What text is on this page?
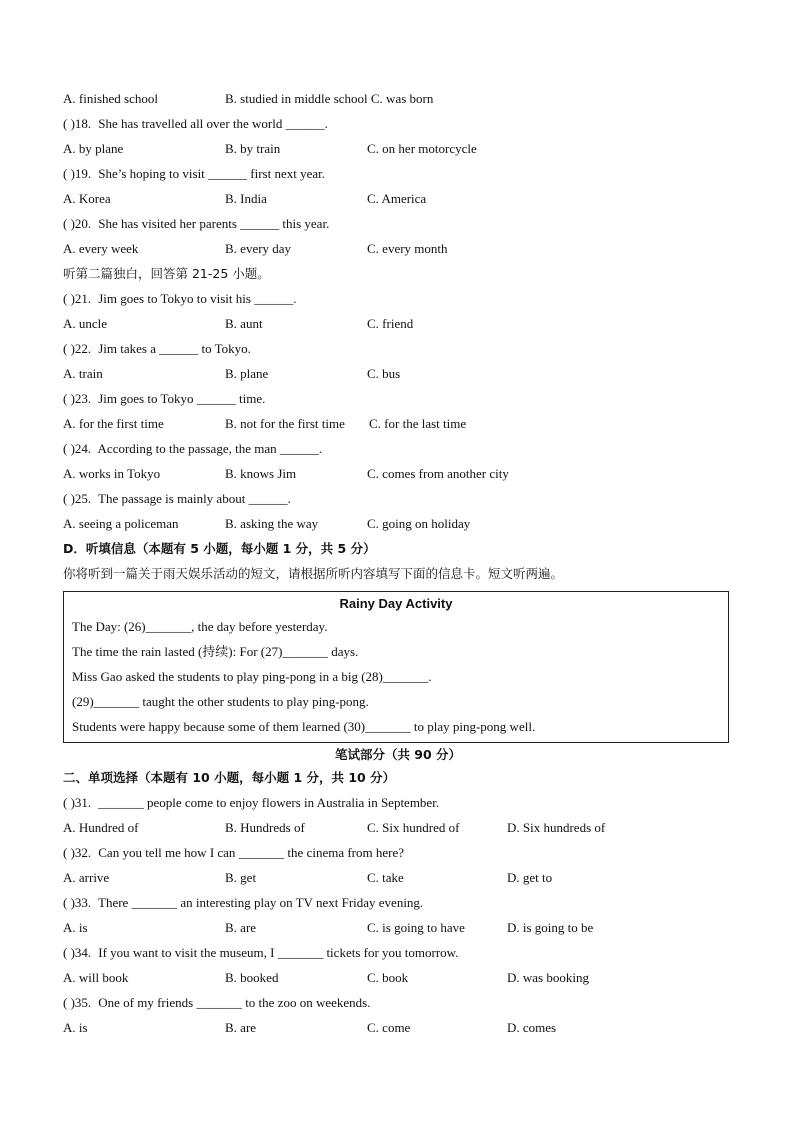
A. finished school	B. studied in middle school C. was born
( )18. She has travelled all over the world ______.
A. by plane	B. by train	C. on her motorcycle
( )19. She’s hoping to visit ______ first next year.
A. Korea	B. India	C. America
( )20. She has visited her parents ______ this year.
A. every week	B. every day	C. every month
听第二篇独白，回答第 21-25 小题。
( )21. Jim goes to Tokyo to visit his ______.
A. uncle	B. aunt	C. friend
( )22. Jim takes a ______ to Tokyo.
A. train	B. plane	C. bus
( )23. Jim goes to Tokyo ______ time.
A. for the first time	B. not for the first time	C. for the last time
( )24. According to the passage, the man ______.
A. works in Tokyo	B. knows Jim	C. comes from another city
( )25. The passage is mainly about ______.
A. seeing a policeman	B. asking the way	C. going on holiday
D．听填信息（本题有 5 小题，每小题 1 分，共 5 分）
你将听到一篇关于雨天娱乐活动的短文，请根据所听内容填写下面的信息卡。短文听两遍。
Rainy Day Activity
The Day: (26)_______, the day before yesterday.
The time the rain lasted (持续): For (27)_______ days.
Miss Gao asked the students to play ping-pong in a big (28)_______.
(29)_______ taught the other students to play ping-pong.
Students were happy because some of them learned (30)_______ to play ping-pong well.
笔试部分（共 90 分）
二、单项选择（本题有 10 小题，每小题 1 分，共 10 分）
( )31. _______ people come to enjoy flowers in Australia in September.
A. Hundred of	B. Hundreds of	C. Six hundred of	D. Six hundreds of
( )32. Can you tell me how I can _______ the cinema from here?
A. arrive	B. get	C. take	D. get to
( )33. There _______ an interesting play on TV next Friday evening.
A. is	B. are	C. is going to have	D. is going to be
( )34. If you want to visit the museum, I _______ tickets for you tomorrow.
A. will book	B. booked	C. book	D. was booking
( )35. One of my friends _______ to the zoo on weekends.
A. is	B. are	C. come	D. comes
